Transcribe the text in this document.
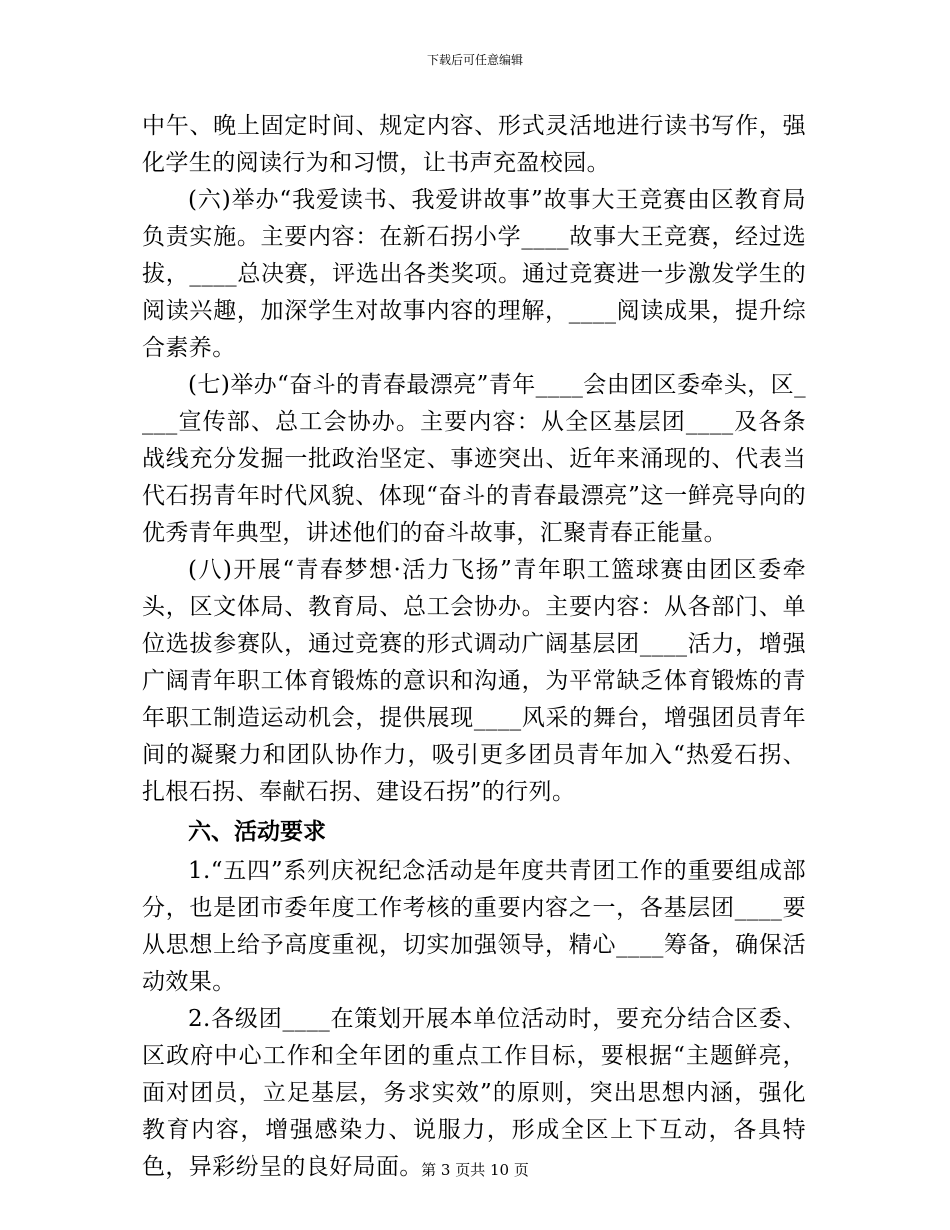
下载后可任意编辑

中午、晚上固定时间、规定内容、形式灵活地进行读书写作，强化学生的阅读行为和习惯，让书声充盈校园。

(六)举办“我爱读书、我爱讲故事”故事大王竞赛由区教育局负责实施。主要内容：在新石拐小学____故事大王竞赛，经过选拔，____总决赛，评选出各类奖项。通过竞赛进一步激发学生的阅读兴趣，加深学生对故事内容的理解，____阅读成果，提升综合素养。

(七)举办“奋斗的青春最漂亮”青年____会由团区委牵头，区____宣传部、总工会协办。主要内容：从全区基层团____及各条战线充分发掘一批政治坚定、事迹突出、近年来涌现的、代表当代石拐青年时代风貌、体现“奋斗的青春最漂亮”这一鲜亮导向的优秀青年典型，讲述他们的奋斗故事，汇聚青春正能量。

(八)开展“青春梦想·活力飞扬”青年职工篮球赛由团区委牵头，区文体局、教育局、总工会协办。主要内容：从各部门、单位选拔参赛队，通过竞赛的形式调动广阔基层团____活力，增强广阔青年职工体育锻炼的意识和沟通，为平常缺乏体育锻炼的青年职工制造运动机会，提供展现____风采的舞台，增强团员青年间的凝聚力和团队协作力，吸引更多团员青年加入“热爱石拐、扎根石拐、奉献石拐、建设石拐”的行列。

六、活动要求

1.“五四”系列庆祝纪念活动是年度共青团工作的重要组成部分，也是团市委年度工作考核的重要内容之一，各基层团____要从思想上给予高度重视，切实加强领导，精心____筹备，确保活动效果。

2.各级团____在策划开展本单位活动时，要充分结合区委、区政府中心工作和全年团的重点工作目标，要根据“主题鲜亮，面对团员，立足基层，务求实效”的原则，突出思想内涵，强化教育内容，增强感染力、说服力，形成全区上下互动，各具特色，异彩纷呈的良好局面。

第 3 页共 10 页
